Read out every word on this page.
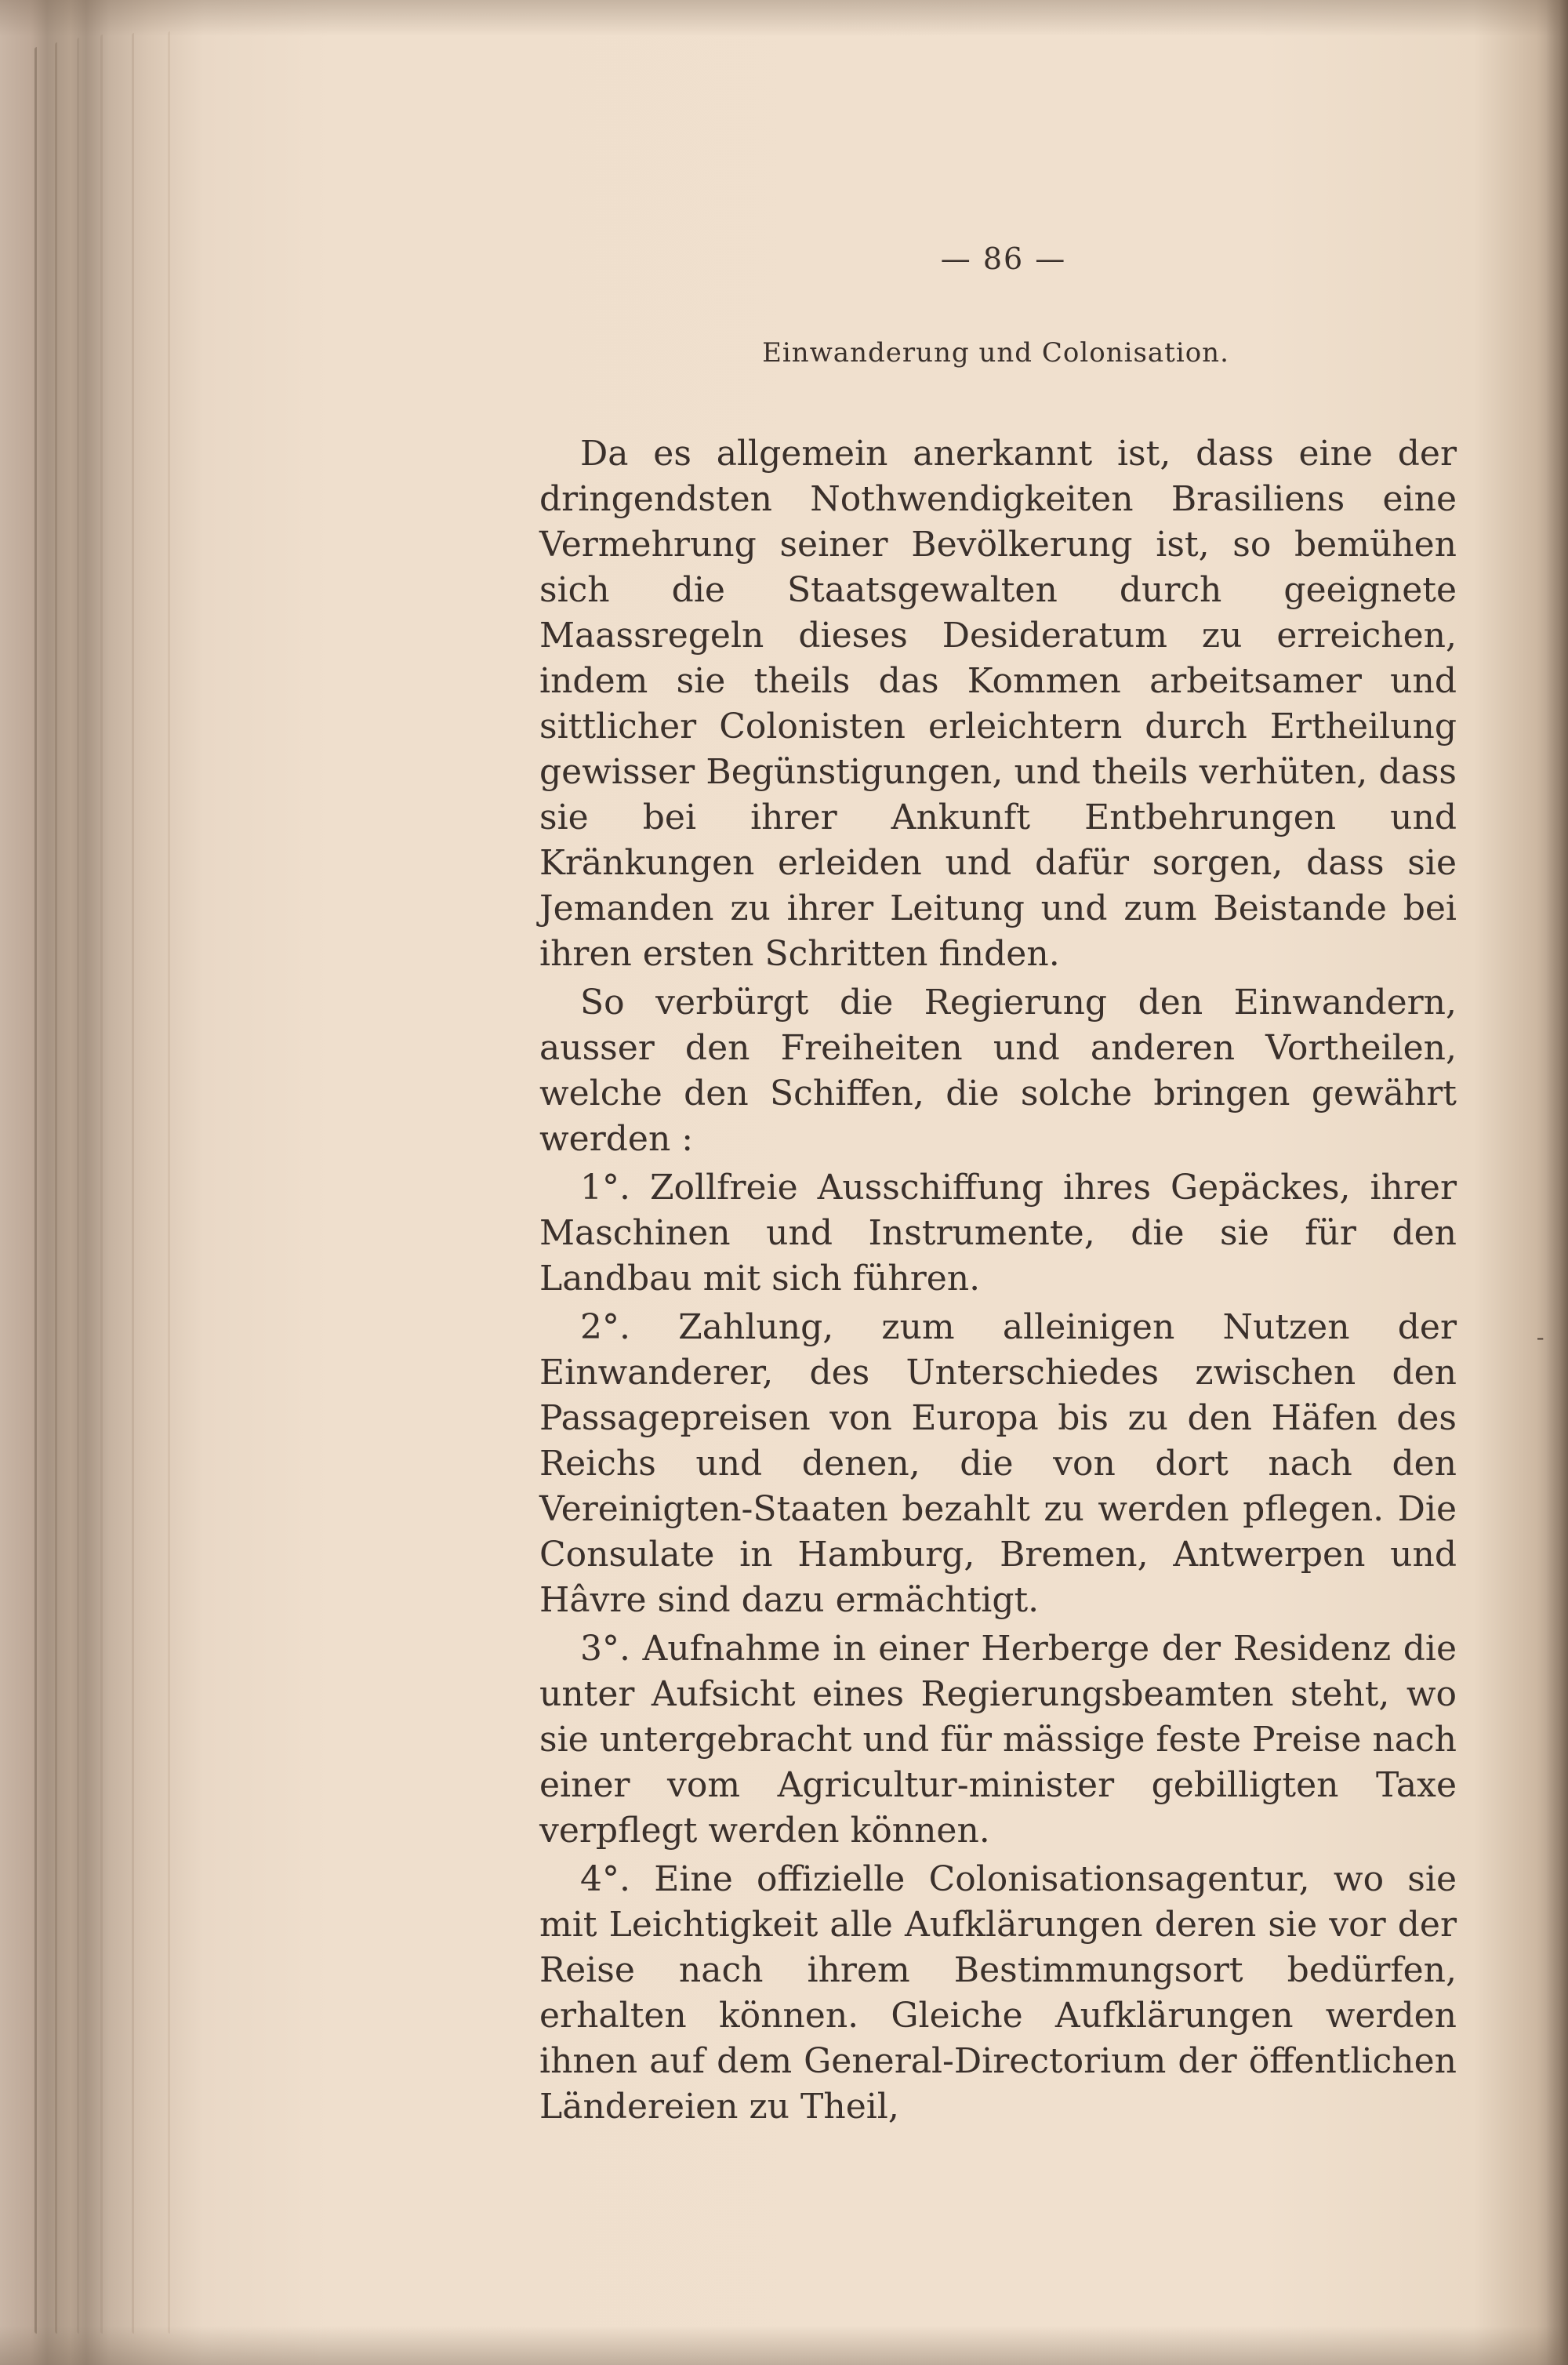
— 86 —
Einwanderung und Colonisation.

Da es allgemein anerkannt ist, dass eine der dringendsten Nothwendigkeiten Brasiliens eine Vermehrung seiner Bevölkerung ist, so bemühen sich die Staatsgewalten durch geeignete Maassregeln dieses Desideratum zu erreichen, indem sie theils das Kommen arbeitsamer und sittlicher Colonisten erleichtern durch Ertheilung gewisser Begünstigungen, und theils verhüten, dass sie bei ihrer Ankunft Entbehrungen und Kränkungen erleiden und dafür sorgen, dass sie Jemanden zu ihrer Leitung und zum Beistande bei ihren ersten Schritten finden.

So verbürgt die Regierung den Einwandern, ausser den Freiheiten und anderen Vortheilen, welche den Schiffen, die solche bringen gewährt werden :

1°. Zollfreie Ausschiffung ihres Gepäckes, ihrer Maschinen und Instrumente, die sie für den Landbau mit sich führen.

2°. Zahlung, zum alleinigen Nutzen der Einwanderer, des Unterschiedes zwischen den Passagepreisen von Europa bis zu den Häfen des Reichs und denen, die von dort nach den Vereinigten-Staaten bezahlt zu werden pflegen. Die Consulate in Hamburg, Bremen, Antwerpen und Hâvre sind dazu ermächtigt.

3°. Aufnahme in einer Herberge der Residenz die unter Aufsicht eines Regierungsbeamten steht, wo sie untergebracht und für mässige feste Preise nach einer vom Agricultur-minister gebilligten Taxe verpflegt werden können.

4°. Eine offizielle Colonisationsagentur, wo sie mit Leichtigkeit alle Aufklärungen deren sie vor der Reise nach ihrem Bestimmungsort bedürfen, erhalten können. Gleiche Aufklärungen werden ihnen auf dem General-Directorium der öffentlichen Ländereien zu Theil,

-
